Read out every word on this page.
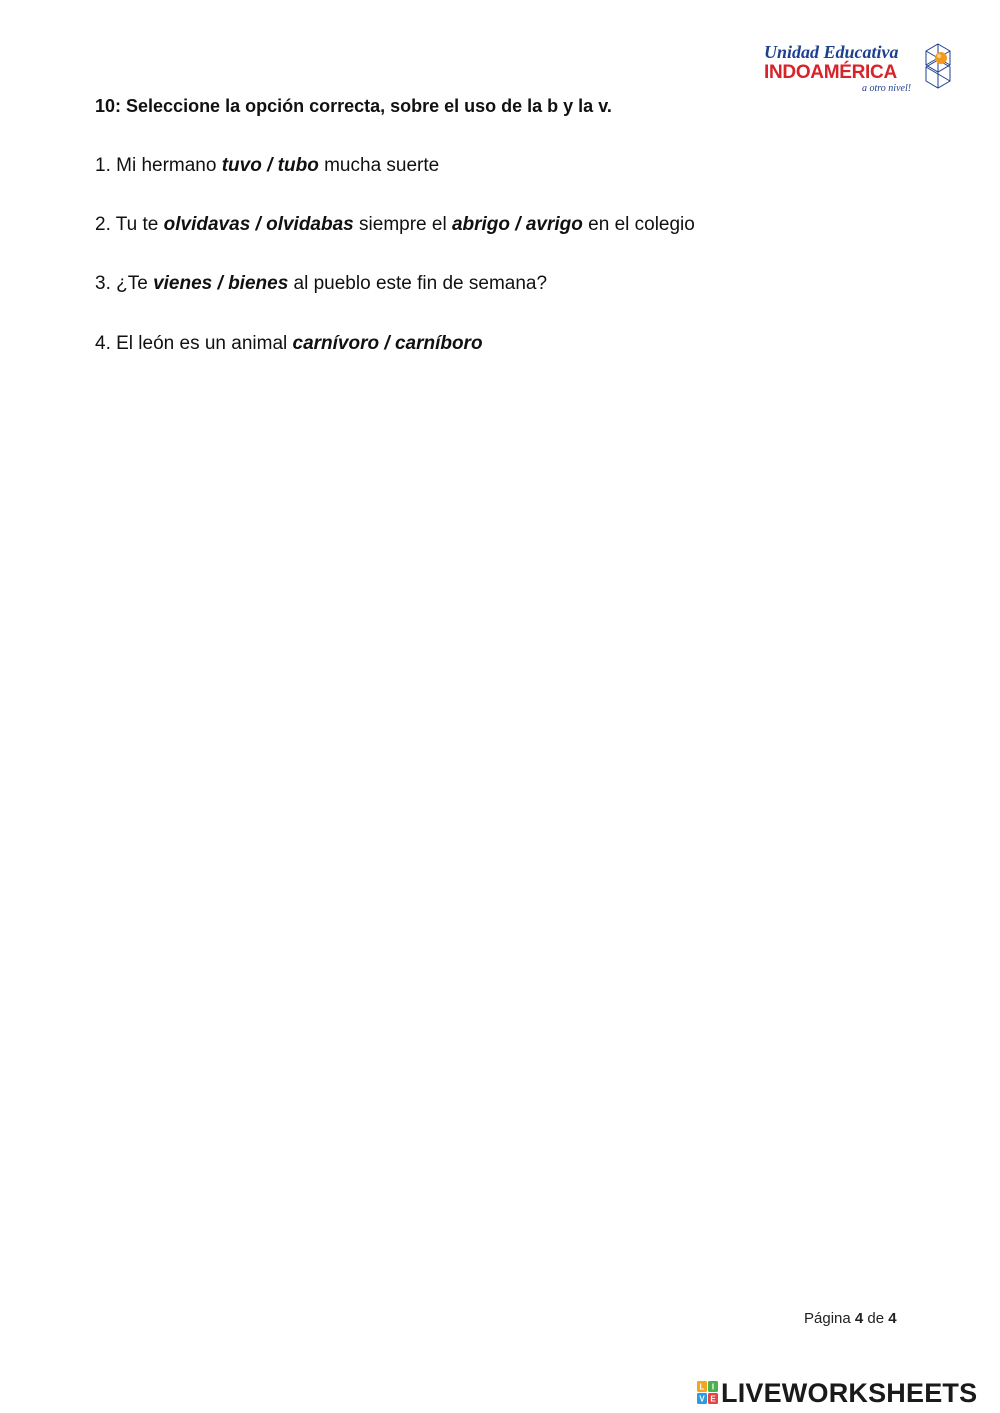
Unidad Educativa
INDOAMÉRICA
a otro nivel!
10: Seleccione la opción correcta, sobre el uso de la b y la v.
1. Mi hermano tuvo / tubo mucha suerte
2. Tu te olvidavas / olvidabas siempre el abrigo / avrigo en el colegio
3. ¿Te vienes / bienes al pueblo este fin de semana?
4. El león es un animal carnívoro / carníboro
Página 4 de 4
L I
V E LIVEWORKSHEETS
